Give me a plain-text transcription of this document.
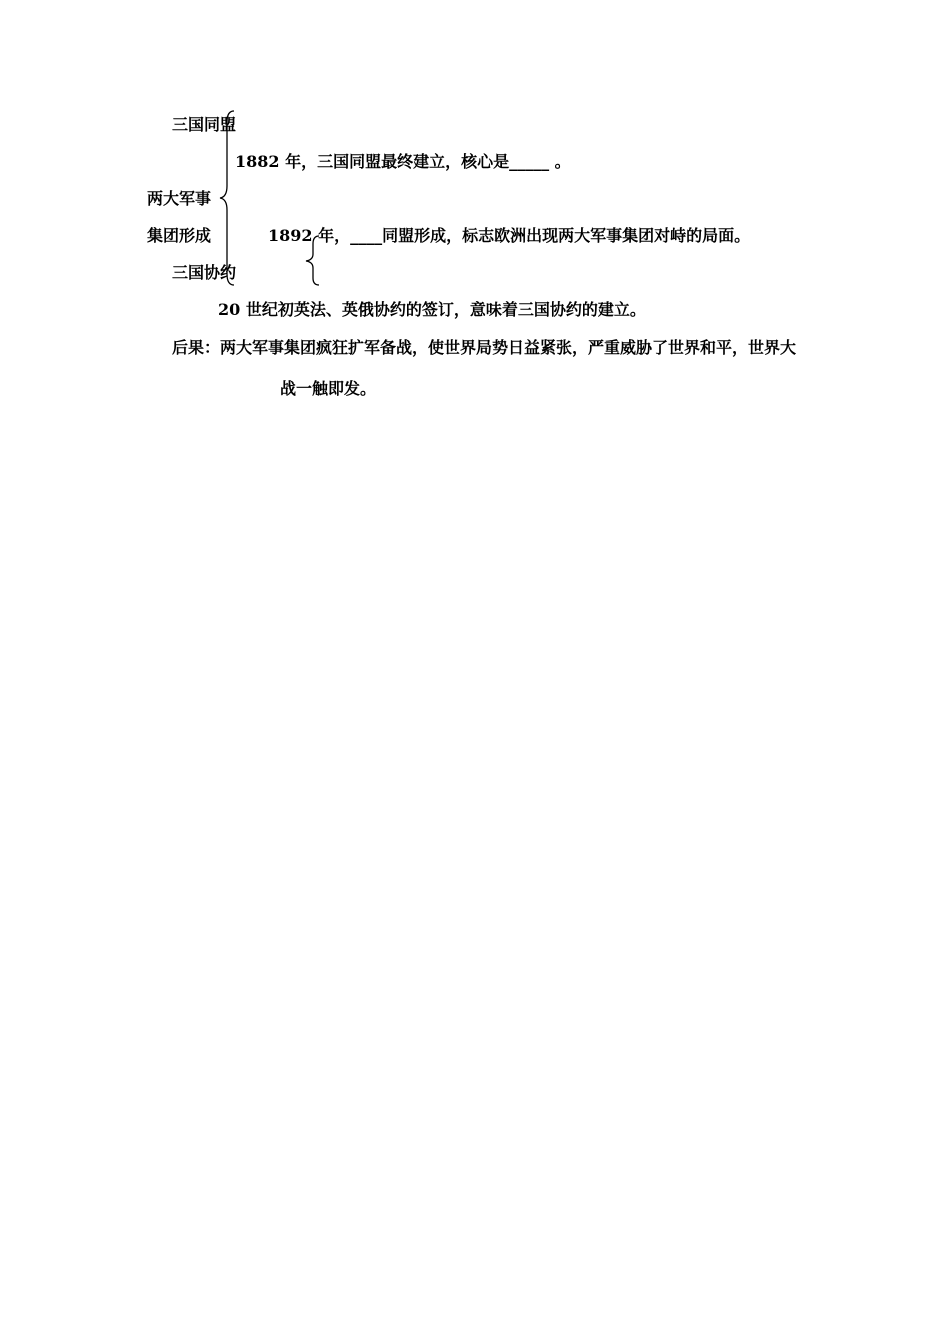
三国同盟
1882 年，三国同盟最终建立，核心是_____ 。
两大军事
集团形成	1892 年，____同盟形成，标志欧洲出现两大军事集团对峙的局面。
三国协约
20 世纪初英法、英俄协约的签订，意味着三国协约的建立。
后果：两大军事集团疯狂扩军备战，使世界局势日益紧张，严重威胁了世界和平，世界大
战一触即发。
